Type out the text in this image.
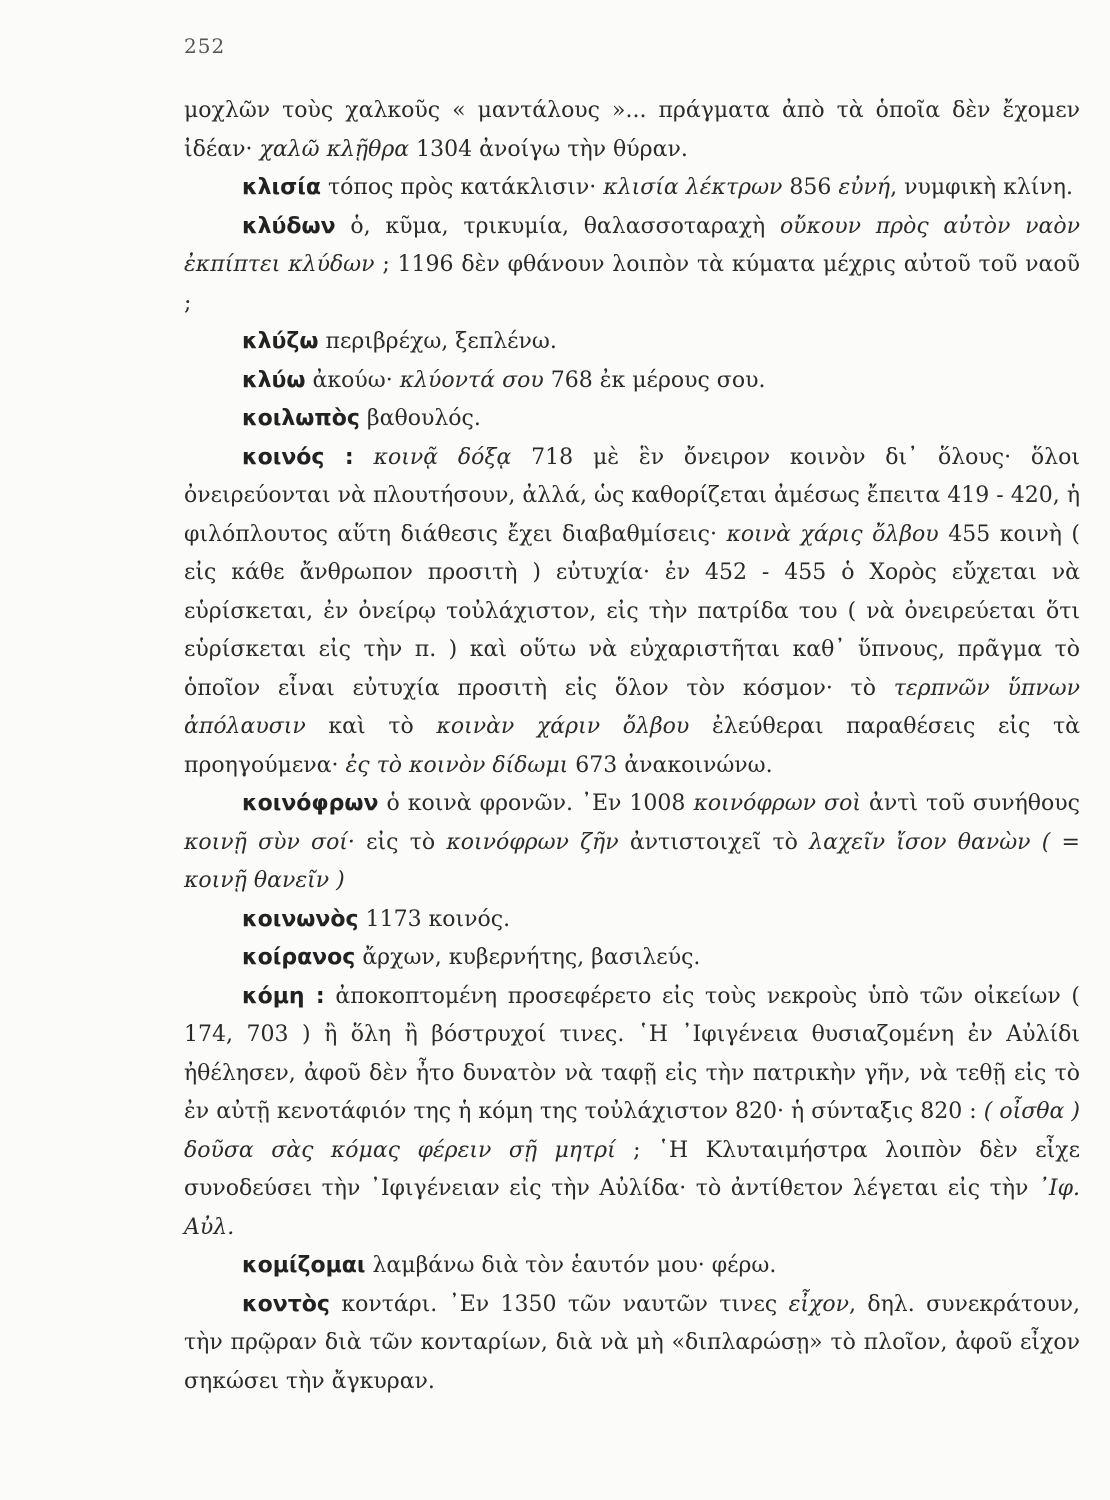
252

μοχλῶν τοὺς χαλκοῦς « μαντάλους »... πράγματα ἀπὸ τὰ ὁποῖα δὲν ἔχομεν ἰδέαν· χαλῶ κλῇθρα 1304 ἀνοίγω τὴν θύραν.

κλισία τόπος πρὸς κατάκλισιν· κλισία λέκτρων 856 εὐνή, νυμφικὴ κλίνη.

κλύδων ὁ, κῦμα, τρικυμία, θαλασσοταραχὴ οὔκουν πρὸς αὐτὸν ναὸν ἐκπίπτει κλύδων ; 1196 δὲν φθάνουν λοιπὸν τὰ κύματα μέχρις αὐτοῦ τοῦ ναοῦ ;

κλύζω περιβρέχω, ξεπλένω.

κλύω ἀκούω· κλύοντά σου 768 ἐκ μέρους σου.

κοιλωπὸς βαθουλός.

κοινός : κοινᾷ δόξᾳ 718 μὲ ἓν ὄνειρον κοινὸν δι᾿ ὅλους· ὅλοι ὀνειρεύονται νὰ πλουτήσουν, ἀλλά, ὡς καθορίζεται ἀμέσως ἔπειτα 419 - 420, ἡ φιλόπλουτος αὕτη διάθεσις ἔχει διαβαθμίσεις· κοινὰ χάρις ὄλβου 455 κοινὴ ( εἰς κάθε ἄνθρωπον προσιτὴ ) εὐτυχία· ἐν 452 - 455 ὁ Χορὸς εὔχεται νὰ εὑρίσκεται, ἐν ὀνείρῳ τοὐλάχιστον, εἰς τὴν πατρίδα του ( νὰ ὀνειρεύεται ὅτι εὑρίσκεται εἰς τὴν π. ) καὶ οὕτω νὰ εὐχαριστῆται καθ᾿ ὕπνους, πρᾶγμα τὸ ὁποῖον εἶναι εὐτυχία προσιτὴ εἰς ὅλον τὸν κόσμον· τὸ τερπνῶν ὕπνων ἀπόλαυσιν καὶ τὸ κοινὰν χάριν ὄλβου ἐλεύθεραι παραθέσεις εἰς τὰ προηγούμενα· ἐς τὸ κοινὸν δίδωμι 673 ἀνακοινώνω.

κοινόφρων ὁ κοινὰ φρονῶν. ᾿Εν 1008 κοινόφρων σοὶ ἀντὶ τοῦ συνήθους κοινῇ σὺν σοί· εἰς τὸ κοινόφρων ζῆν ἀντιστοιχεῖ τὸ λαχεῖν ἴσον θανὼν ( = κοινῇ θανεῖν )

κοινωνὸς 1173 κοινός.

κοίρανος ἄρχων, κυβερνήτης, βασιλεύς.

κόμη : ἀποκοπτομένη προσεφέρετο εἰς τοὺς νεκροὺς ὑπὸ τῶν οἰκείων ( 174, 703 ) ἢ ὅλη ἢ βόστρυχοί τινες. ῾Η ᾿Ιφιγένεια θυσιαζομένη ἐν Αὐλίδι ἠθέλησεν, ἀφοῦ δὲν ἦτο δυνατὸν νὰ ταφῇ εἰς τὴν πατρικὴν γῆν, νὰ τεθῇ εἰς τὸ ἐν αὐτῇ κενοτάφιόν της ἡ κόμη της τοὐλάχιστον 820· ἡ σύνταξις 820 : ( οἶσθα ) δοῦσα σὰς κόμας φέρειν σῇ μητρί ; ῾Η Κλυταιμήστρα λοιπὸν δὲν εἶχε συνοδεύσει τὴν ᾿Ιφιγένειαν εἰς τὴν Αὐλίδα· τὸ ἀντίθετον λέγεται εἰς τὴν ᾿Ιφ. Αὐλ.

κομίζομαι λαμβάνω διὰ τὸν ἑαυτόν μου· φέρω.

κοντὸς κοντάρι. ᾿Εν 1350 τῶν ναυτῶν τινες εἶχον, δηλ. συνεκράτουν, τὴν πρῷραν διὰ τῶν κονταρίων, διὰ νὰ μὴ «διπλαρώσῃ» τὸ πλοῖον, ἀφοῦ εἶχον σηκώσει τὴν ἄγκυραν.
